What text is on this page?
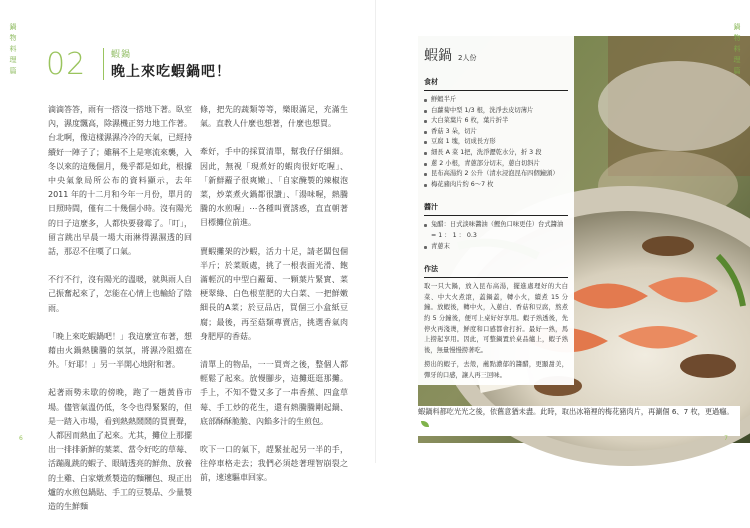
鍋
物
料
理
篇 02	蝦鍋
晚上來吃蝦鍋吧！

滴滴答答，雨有一搭沒一搭地下著。臥室內，濕度飄高，除濕機正努力地工作著。台北啊，像這樣濕濕冷冷的天氣，已經持續好一陣子了；雖稱不上是寒流來襲，入冬以來的這幾個月，幾乎都是如此，根據中央氣象局所公布的資料顯示，去年 2011 年的十二月和今年一月份，單月的日照時間，僅有二十幾個小時。沒有陽光的日子這麼多，人都快要發霉了。「叮」，留言跳出早晨一場大雨淋得濕濕透的回話，那忍不住嘆了口氣。

不行不行，沒有陽光的溫暖，就與雨人自己振奮起來了，怎能在心情上也輸給了陰雨。

「晚上來吃蝦鍋吧！」我這麼宣布著，想藉由火鍋熱騰騰的氛氛，將濕冷阻擋在外。「好耶！」另一半開心地附和著。

起著雨勢未歇的傍晚，跑了一趟黃昏市場。儘管氣溫仍低，冬令也得緊緊的，但是一踏入市場，看到熱熱鬧鬧的買賣聲，人都因而熱血了起來。尤其，攤位上那擺出一排排新鮮的葉菜、當令好吃的草莓、活蹦亂跳的蝦子、眼睛透亮的鮮魚、放養的土雞、白家燉煮製造的麵糰包、現正出爐的水煎包鍋貼、手工的豆製品、少量製造的生鮮麵

條，把先的蔬類等等，樂眼滿足，充滿生氣。直教人什麼也想著，什麼也想買。

牽好，手中的採買清單，幫我仔仔細細。因此，無視「現煮好的蝦肉很好吃喔」、「新鮮蘿子很爽嫩」、「自家醃製的辣椒泡菜，炒菜煮火鍋都很讚」、「湯味喔，熱騰騰的水煎喔」⋯各種叫賣誘惑，直直朝著目標攤位前進。

賣蝦攤架的沙蝦，活力十足，請老闆包個半斤；於菜販處，挑了一根表面光滑、飽滿輕沉的中型白蘿蔔、一顆葉片緊實、菜梗翠綠、白色根莖肥的大白菜、一把鮮嫩細長的A菜；於豆品店，買個三小盒紙豆腐；最後，再至菇類專賣店，挑選香氣肉身肥厚的香菇。

清單上的物品，一一買齊之後，整個人都輕鬆了起來。放慢腳步，這攤逛逛那攤。手上，不知不覺又多了一串香蕉、四盒草莓、手工炒的花生，還有熱騰騰剛起鍋、底部酥酥脆脆、內餡多汁的生煎包。

吹下一口的氣下，趕緊扯起另一半的手，往停車格走去；我們必須趁著理智崩裂之前，速速驅車回家。

6
蝦鍋 2人份
食材
鮮蝦半斤
白蘿蔔中型 1/3 根，洗淨去皮切薄片
大白菜葉片 6 枚，葉片折半
香菇 3 朵，切片
豆腐 1 塊，切成長方形
細長 A 菜 1把，洗淨瀝乾水分，折 3 段
蔥 2 小根，青蔥部分切末，蔥白切斜片
昆布高湯約 2 公升（清水浸泡昆布四個鐘頭）
梅花豬肉片約 6～7 枚
醬汁
兔醋：日式淡味醬油（鰹魚口味更佳）台式醬油 = 1 ： 1 ： 0.3
青蔥末
作法

取一只大鍋，放入昆布高湯，擺進處理好的大白菜、中大火煮滾，蓋鍋蓋，轉小火，續煮 15 分鐘。放蝦後，轉中火，入蔥白、香菇和豆腐，熬煮約 5 分鐘後，便可上桌好好享用。蝦子熟透後，先停火再淺燙，鮮度和口感都會打折。最好一熟，馬上撈起享用。因此，可整鍋置於桌品爐上，蝦子熟後，無量慢慢撈著吃。

撈出的蝦子，去殼，蘸點濃郁的醬醋，更顯甜美，彈牙的口感，讓人再三回味。

蝦鍋料都吃光光之後，依舊意猶未盡。此時，取出冰箱裡的梅花豬肉片，再涮個 6、7 枚，更過癮。
鍋
物
料
理
篇
7
